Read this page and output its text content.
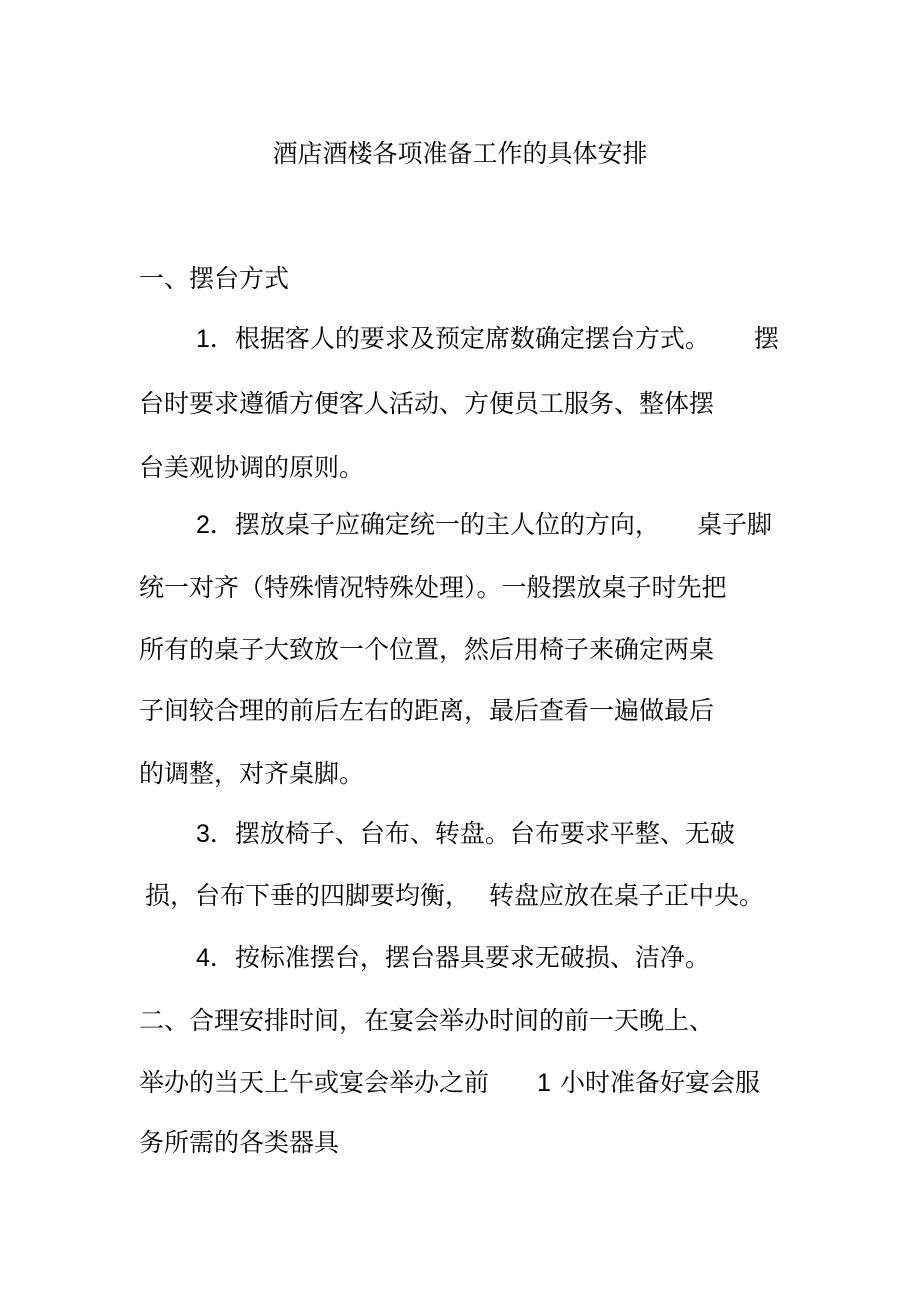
酒店酒楼各项准备工作的具体安排
一、摆台方式
1．根据客人的要求及预定席数确定摆台方式。 摆
台时要求遵循方便客人活动、方便员工服务、整体摆
台美观协调的原则。
2．摆放桌子应确定统一的主人位的方向， 桌子脚
统一对齐（特殊情况特殊处理）。一般摆放桌子时先把
所有的桌子大致放一个位置，然后用椅子来确定两桌
子间较合理的前后左右的距离，最后查看一遍做最后
的调整，对齐桌脚。
3．摆放椅子、台布、转盘。台布要求平整、无破
损，台布下垂的四脚要均衡， 转盘应放在桌子正中央。
4．按标准摆台，摆台器具要求无破损、洁净。
二、合理安排时间，在宴会举办时间的前一天晚上、
举办的当天上午或宴会举办之前 1 小时准备好宴会服
务所需的各类器具
